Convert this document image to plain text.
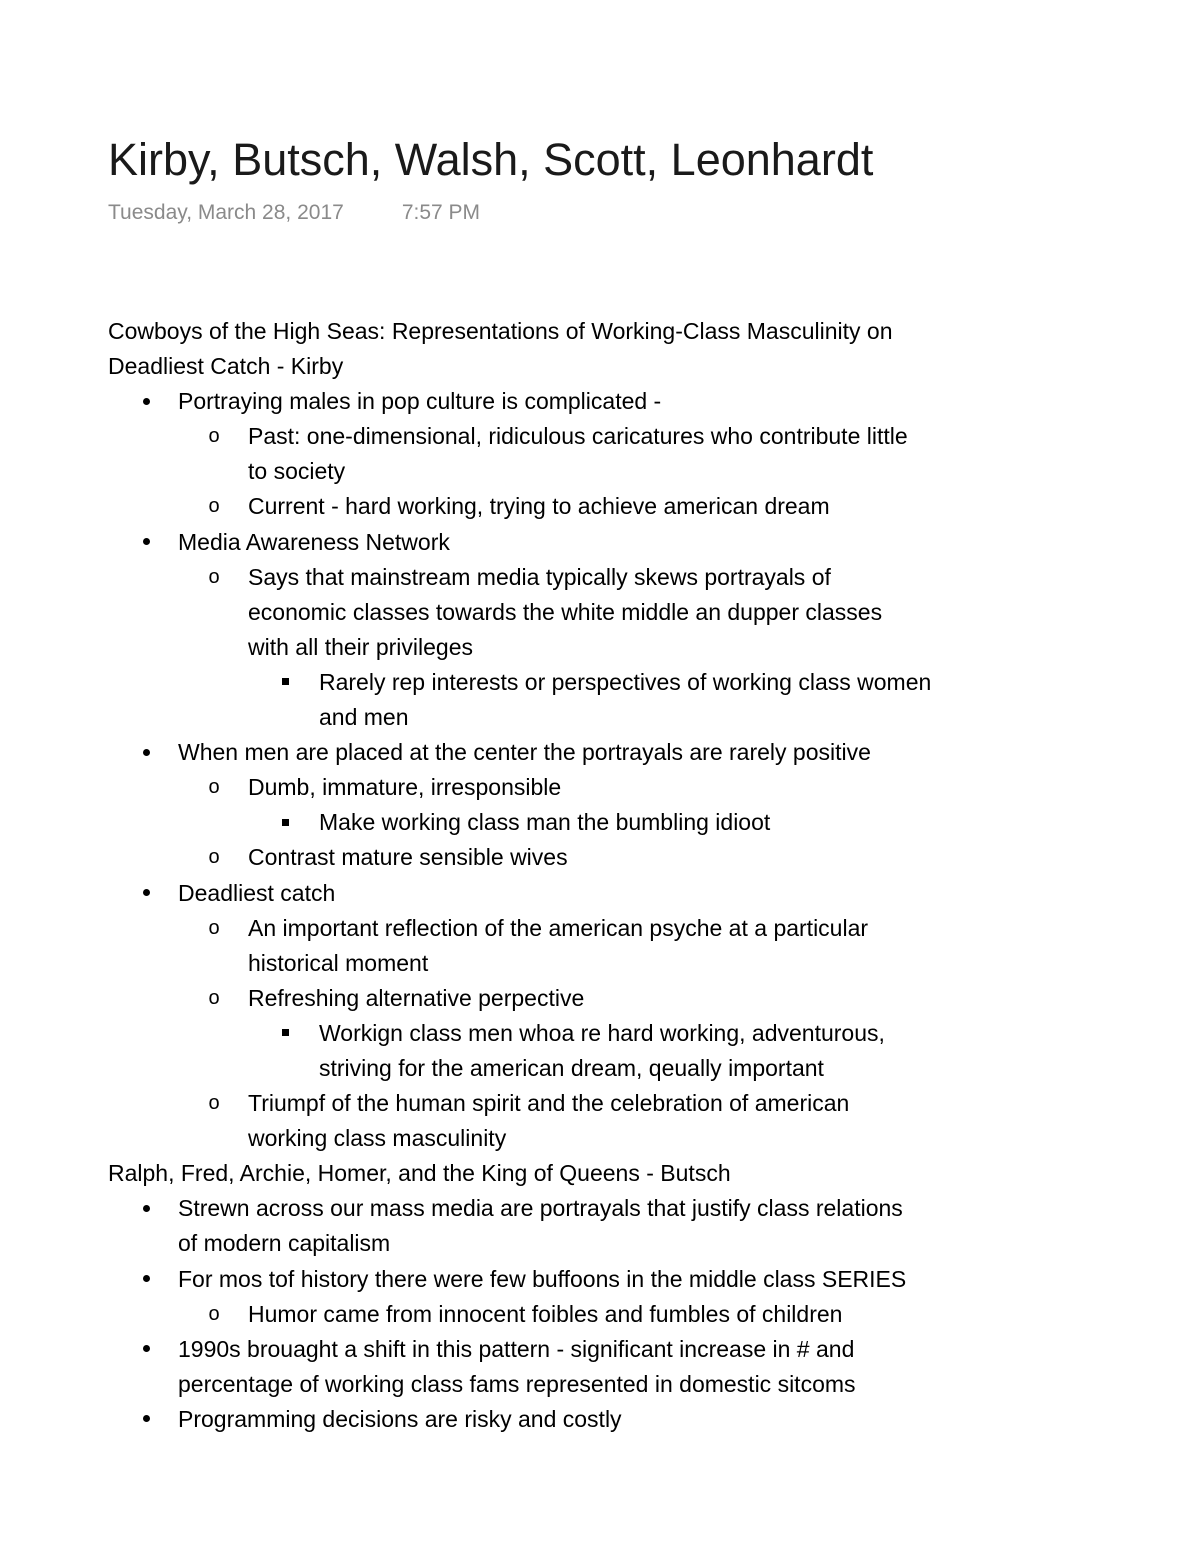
Kirby, Butsch, Walsh, Scott, Leonhardt
Tuesday, March 28, 2017	7:57 PM
Cowboys of the High Seas: Representations of Working-Class Masculinity on
Deadliest Catch - Kirby
Portraying males in pop culture is complicated -
o Past: one-dimensional, ridiculous caricatures who contribute little
to society
o Current - hard working, trying to achieve american dream
Media Awareness Network
o Says that mainstream media typically skews portrayals of
economic classes towards the white middle an dupper classes
with all their privileges
Rarely rep interests or perspectives of working class women
and men
When men are placed at the center the portrayals are rarely positive
o Dumb, immature, irresponsible
Make working class man the bumbling idioot
o Contrast mature sensible wives
Deadliest catch
o An important reflection of the american psyche at a particular
historical moment
o Refreshing alternative perpective
Workign class men whoa re hard working, adventurous,
striving for the american dream, qeually important
o Triumpf of the human spirit and the celebration of american
working class masculinity
Ralph, Fred, Archie, Homer, and the King of Queens - Butsch
Strewn across our mass media are portrayals that justify class relations
of modern capitalism
For mos tof history there were few buffoons in the middle class SERIES
o Humor came from innocent foibles and fumbles of children
1990s brouaght a shift in this pattern - significant increase in # and
percentage of working class fams represented in domestic sitcoms
Programming decisions are risky and costly
